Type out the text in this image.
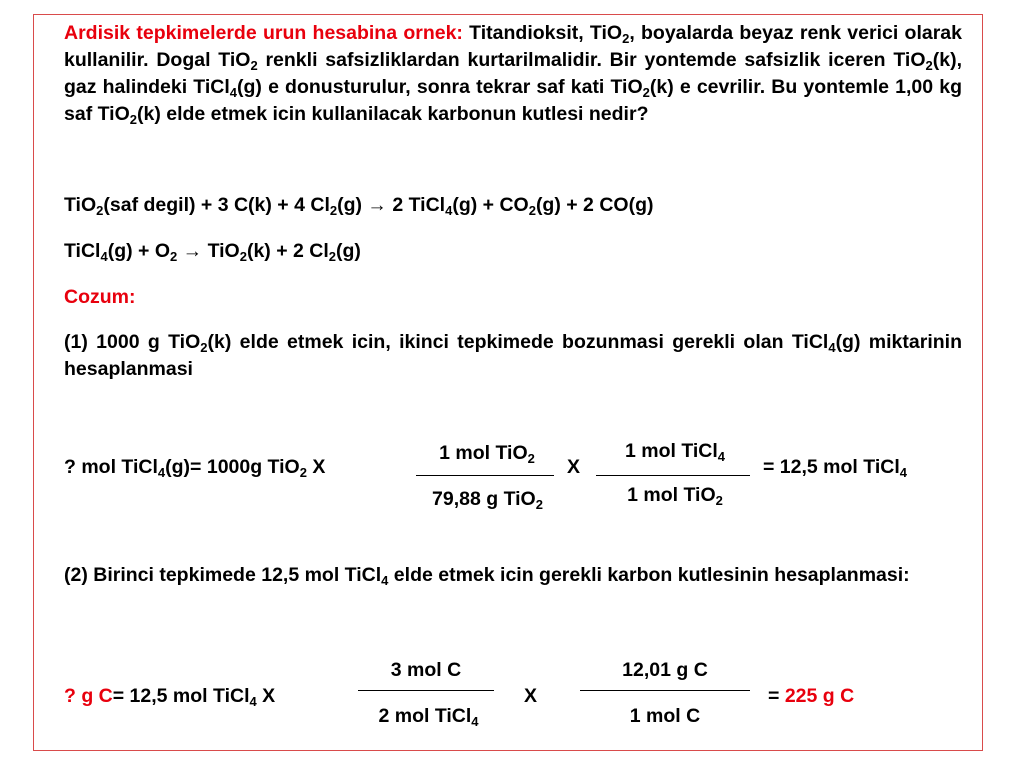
Ardisik tepkimelerde urun hesabina ornek: Titandioksit, TiO$_2$, boyalarda beyaz renk verici olarak kullanilir. Dogal TiO$_2$ renkli safsizliklardan kurtarilmalidir. Bir yontemde safsizlik iceren TiO$_2$(k), gaz halindeki TiCl$_4$(g) e donusturulur, sonra tekrar saf kati TiO$_2$(k) e cevrilir. Bu yontemle 1,00 kg saf TiO$_2$(k) elde etmek icin kullanilacak karbonun kutlesi nedir?
TiO$_2$(saf degil) + 3 C(k) + 4 $Cl_2(g) \to 2$ TiCl$_4$(g) + $CO_2(g) + 2$ CO(g)
TiCl$_4$(g) + $O_2 \to TiO_2(k) + 2$ $Cl_2(g)$
Cozum:
(1) 1000 g TiO$_2$(k) elde etmek icin, ikinci tepkimede bozunmasi gerekli olan TiCl$_4$(g) miktarinin hesaplanmasi
? mol TiCl$_4$(g)= 1000g TiO$_2$ X
1 mol TiO$_2$
79,88 g TiO$_2$
X
1 mol TiCl$_4$
1 mol TiO$_2$
= 12,5 mol TiCl$_4$
(2) Birinci tepkimede 12,5 mol TiCl$_4$ elde etmek icin gerekli karbon kutlesinin hesaplanmasi:
? g C= 12,5 mol TiCl$_4$ X
3 mol C
2 mol TiCl$_4$
X
12,01 g C
1 mol C
= 225 g C
